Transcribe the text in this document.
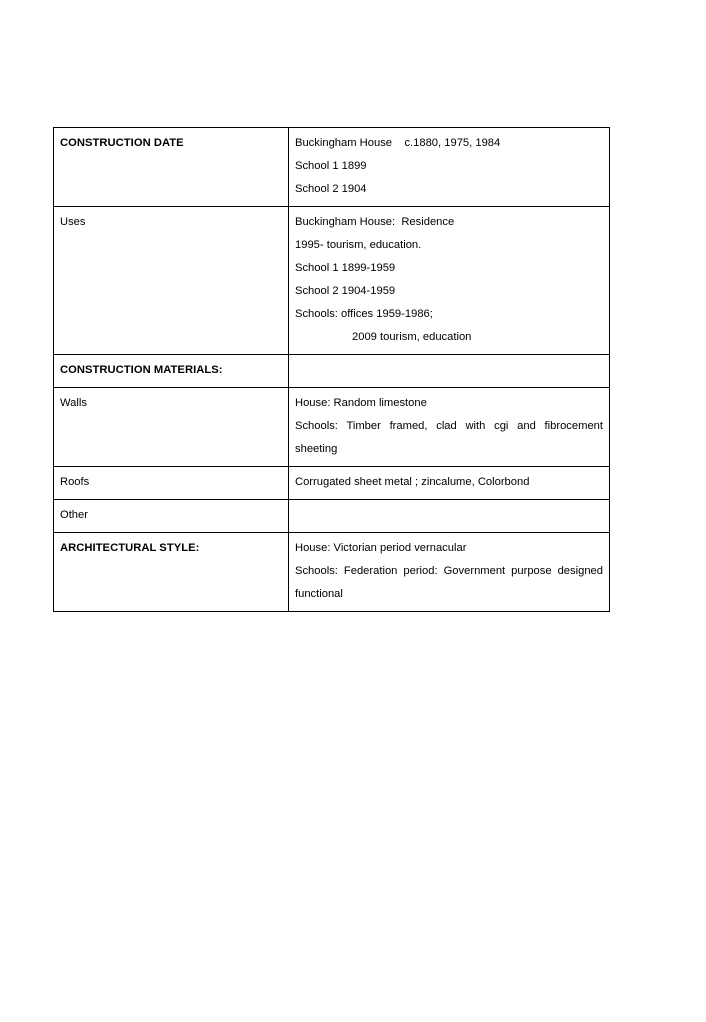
CONSTRUCTION DATE	Buckingham House    c.1880, 1975, 1984
School 1 1899
School 2 1904

Uses	Buckingham House:  Residence
1995- tourism, education.
School 1 1899-1959
School 2 1904-1959
Schools: offices 1959-1986;
2009 tourism, education

CONSTRUCTION MATERIALS:	
Walls	House: Random limestone
Schools: Timber framed, clad with cgi and fibrocement sheeting

Roofs	Corrugated sheet metal ; zincalume, Colorbond

Other	
ARCHITECTURAL STYLE:	House: Victorian period vernacular
Schools: Federation period: Government purpose designed functional
